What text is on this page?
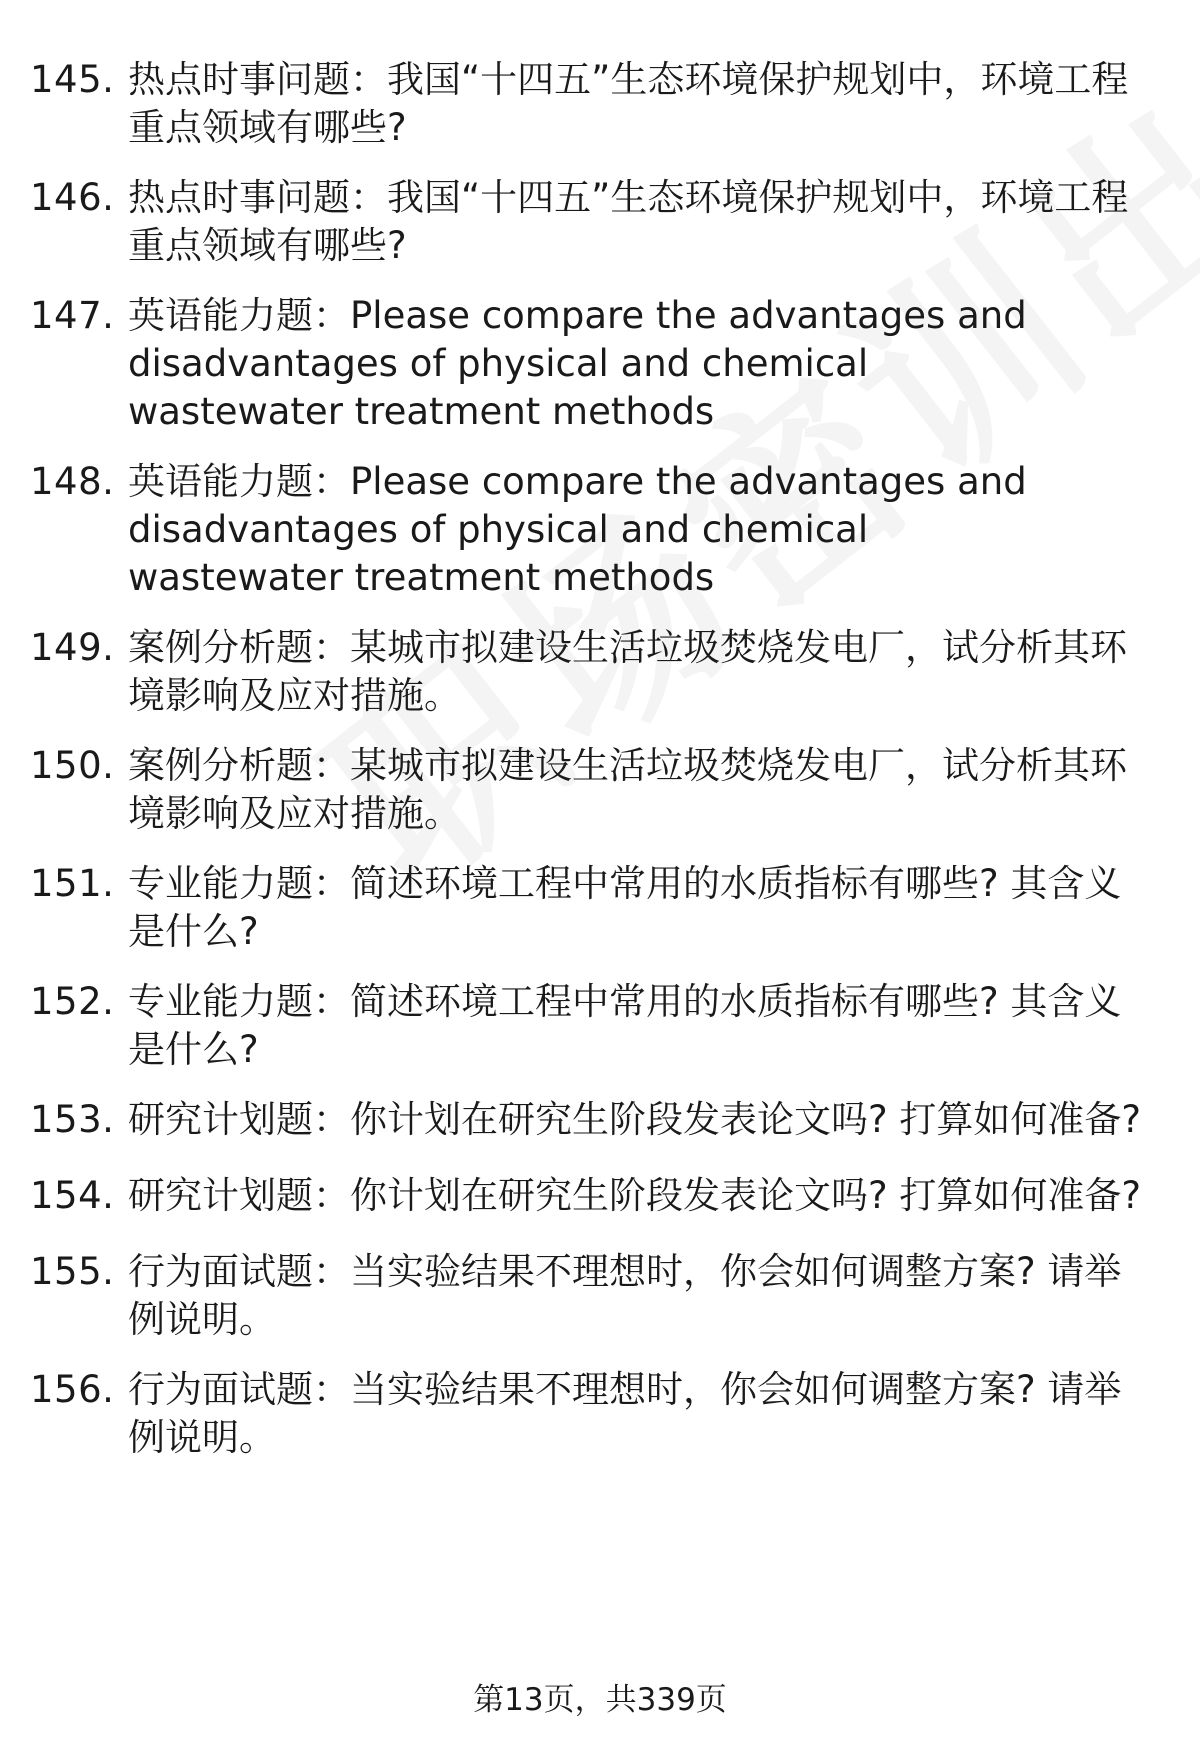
145. 热点时事问题：我国“十四五”生态环境保护规划中，环境工程重点领域有哪些?
146. 热点时事问题：我国“十四五”生态环境保护规划中，环境工程重点领域有哪些?
147. 英语能力题：Please compare the advantages and disadvantages of physical and chemical wastewater treatment methods
148. 英语能力题：Please compare the advantages and disadvantages of physical and chemical wastewater treatment methods
149. 案例分析题：某城市拟建设生活垃圾焚烧发电厂，试分析其环境影响及应对措施。
150. 案例分析题：某城市拟建设生活垃圾焚烧发电厂，试分析其环境影响及应对措施。
151. 专业能力题：简述环境工程中常用的水质指标有哪些? 其含义是什么?
152. 专业能力题：简述环境工程中常用的水质指标有哪些? 其含义是什么?
153. 研究计划题：你计划在研究生阶段发表论文吗? 打算如何准备?
154. 研究计划题：你计划在研究生阶段发表论文吗? 打算如何准备?
155. 行为面试题：当实验结果不理想时，你会如何调整方案? 请举例说明。
156. 行为面试题：当实验结果不理想时，你会如何调整方案? 请举例说明。
第13页，共339页
